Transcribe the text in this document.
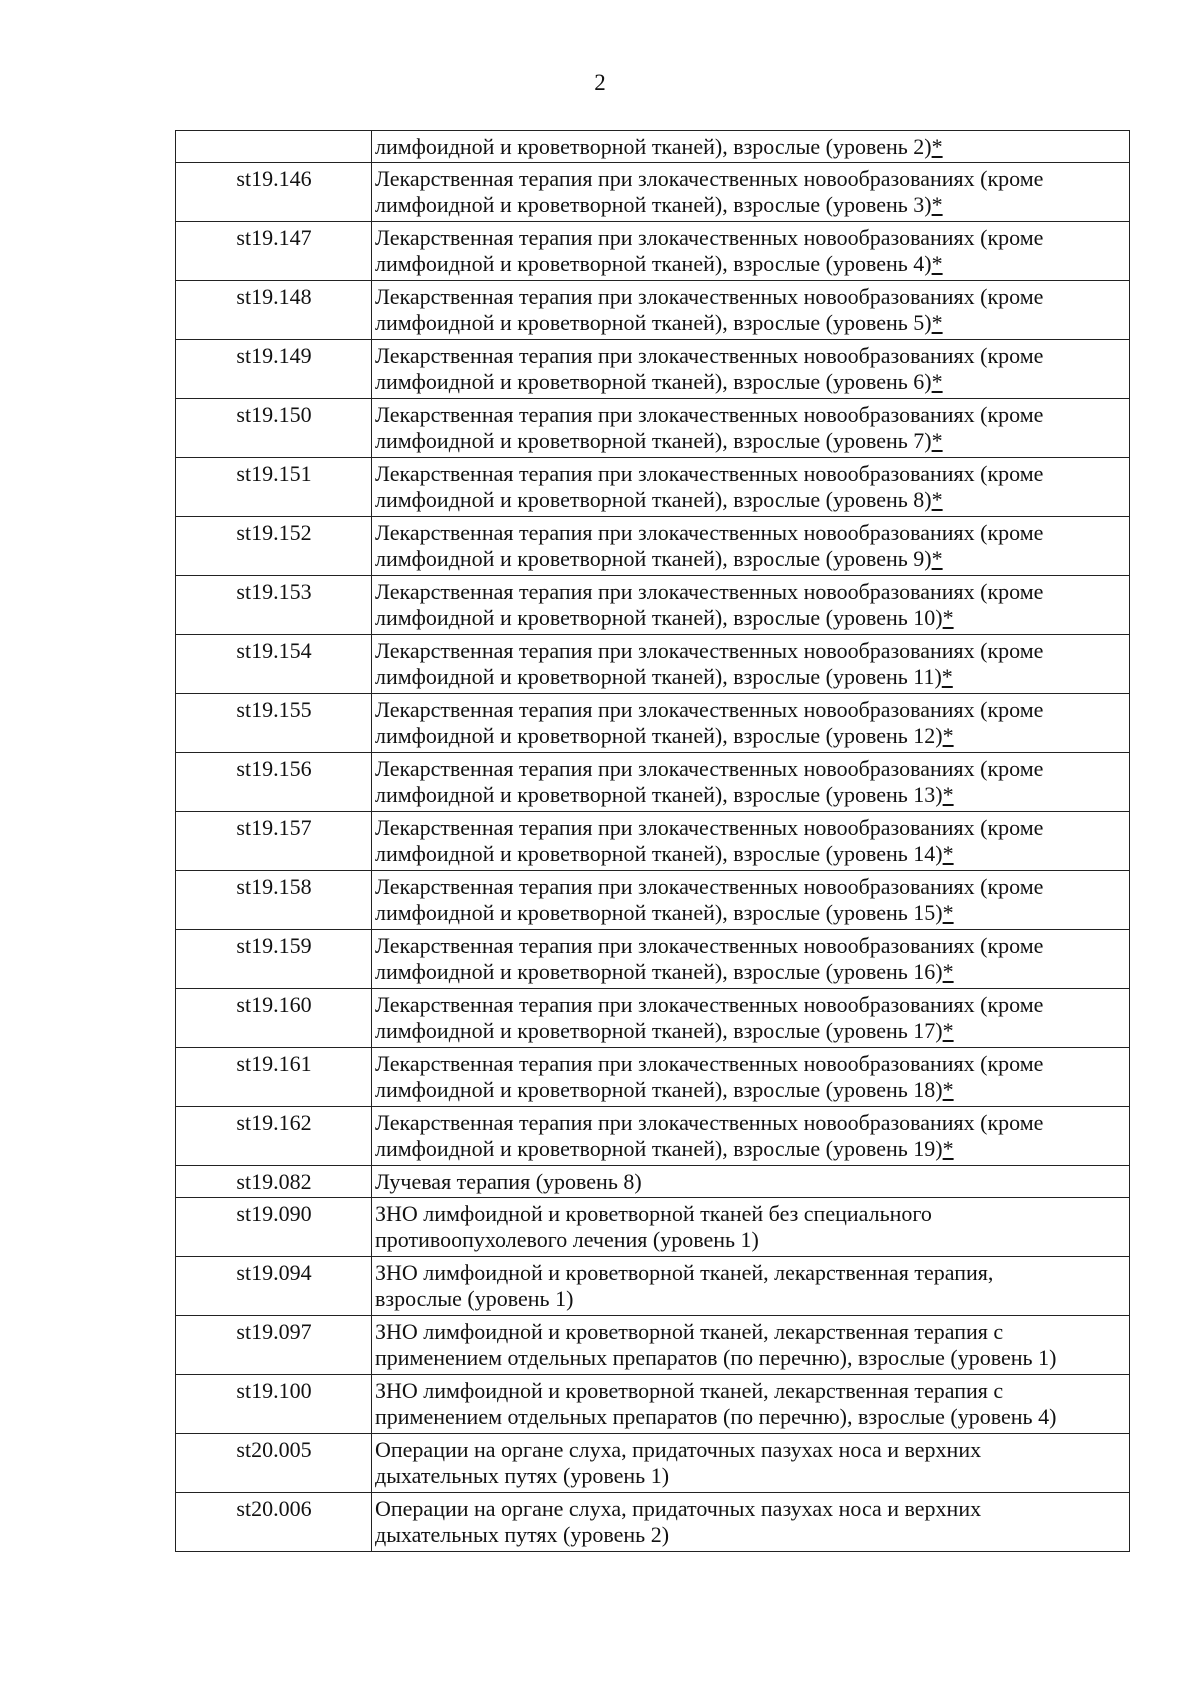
2
	лимфоидной и кроветворной тканей), взрослые (уровень 2)*
st19.146	Лекарственная терапия при злокачественных новообразованиях (кроме
лимфоидной и кроветворной тканей), взрослые (уровень 3)*

st19.147	Лекарственная терапия при злокачественных новообразованиях (кроме
лимфоидной и кроветворной тканей), взрослые (уровень 4)*

st19.148	Лекарственная терапия при злокачественных новообразованиях (кроме
лимфоидной и кроветворной тканей), взрослые (уровень 5)*

st19.149	Лекарственная терапия при злокачественных новообразованиях (кроме
лимфоидной и кроветворной тканей), взрослые (уровень 6)*

st19.150	Лекарственная терапия при злокачественных новообразованиях (кроме
лимфоидной и кроветворной тканей), взрослые (уровень 7)*

st19.151	Лекарственная терапия при злокачественных новообразованиях (кроме
лимфоидной и кроветворной тканей), взрослые (уровень 8)*

st19.152	Лекарственная терапия при злокачественных новообразованиях (кроме
лимфоидной и кроветворной тканей), взрослые (уровень 9)*

st19.153	Лекарственная терапия при злокачественных новообразованиях (кроме
лимфоидной и кроветворной тканей), взрослые (уровень 10)*

st19.154	Лекарственная терапия при злокачественных новообразованиях (кроме
лимфоидной и кроветворной тканей), взрослые (уровень 11)*

st19.155	Лекарственная терапия при злокачественных новообразованиях (кроме
лимфоидной и кроветворной тканей), взрослые (уровень 12)*

st19.156	Лекарственная терапия при злокачественных новообразованиях (кроме
лимфоидной и кроветворной тканей), взрослые (уровень 13)*

st19.157	Лекарственная терапия при злокачественных новообразованиях (кроме
лимфоидной и кроветворной тканей), взрослые (уровень 14)*

st19.158	Лекарственная терапия при злокачественных новообразованиях (кроме
лимфоидной и кроветворной тканей), взрослые (уровень 15)*

st19.159	Лекарственная терапия при злокачественных новообразованиях (кроме
лимфоидной и кроветворной тканей), взрослые (уровень 16)*

st19.160	Лекарственная терапия при злокачественных новообразованиях (кроме
лимфоидной и кроветворной тканей), взрослые (уровень 17)*

st19.161	Лекарственная терапия при злокачественных новообразованиях (кроме
лимфоидной и кроветворной тканей), взрослые (уровень 18)*

st19.162	Лекарственная терапия при злокачественных новообразованиях (кроме
лимфоидной и кроветворной тканей), взрослые (уровень 19)*

st19.082	Лучевая терапия (уровень 8)

st19.090	ЗНО лимфоидной и кроветворной тканей без специального
противоопухолевого лечения (уровень 1)

st19.094	ЗНО лимфоидной и кроветворной тканей, лекарственная терапия,
взрослые (уровень 1)

st19.097	ЗНО лимфоидной и кроветворной тканей, лекарственная терапия с
применением отдельных препаратов (по перечню), взрослые (уровень 1)

st19.100	ЗНО лимфоидной и кроветворной тканей, лекарственная терапия с
применением отдельных препаратов (по перечню), взрослые (уровень 4)

st20.005	Операции на органе слуха, придаточных пазухах носа и верхних
дыхательных путях (уровень 1)

st20.006	Операции на органе слуха, придаточных пазухах носа и верхних
дыхательных путях (уровень 2)
